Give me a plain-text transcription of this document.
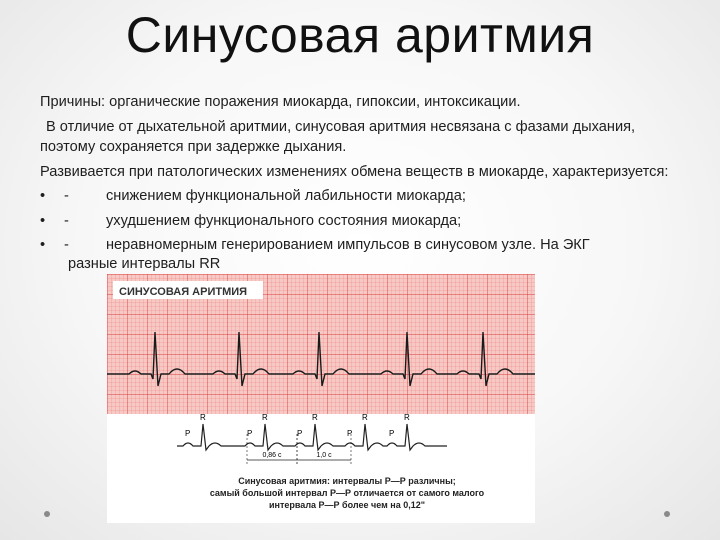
Синусовая аритмия

Причины: органические поражения миокарда, гипоксии, интоксикации.

В отличие от дыхательной аритмии, синусовая аритмия несвязана с фазами дыхания, поэтому сохраняется при задержке дыхания.

Развивается при патологических изменениях обмена веществ в миокарде, характеризуется:

•	-	снижением функциональной лабильности миокарда;
•	-	ухудшением функционального состояния миокарда;
•	-	неравномерным генерированием импульсов в синусовом узле. На ЭКГ
разные интервалы RR
СИНУСОВАЯ АРИТМИЯ
R
P
R
P
R
P
R
P
R
P
0,86 с	1,0 с
Синусовая аритмия: интервалы Р—Р различны;
самый большой интервал Р—Р отличается от самого малого
интервала Р—Р более чем на 0,12"
